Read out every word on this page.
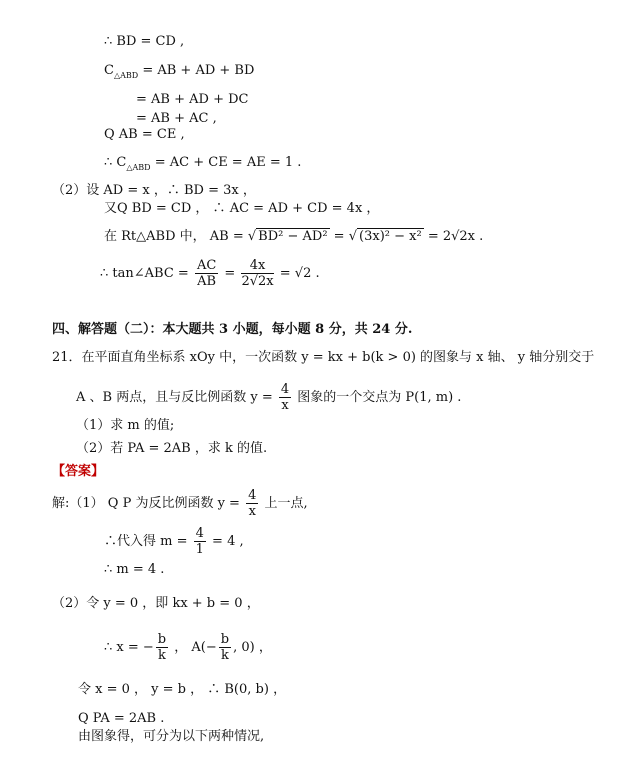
∴ BD = CD ,
$C_{\triangle ABD}$ = AB + AD + BD
= AB + AD + DC
= AB + AC ,
Q AB = CE ,
∴ $C_{\triangle ABD}$ = AC + CE = AE = 1 .
（2）设 AD = x ，∴ BD = 3x ，
又Q BD = CD ， ∴ AC = AD + CD = 4x ，
在 Rt△ABD 中， AB = √ BD² − AD² = √ (3x)² − x² = 2√2x .
∴ tan∠ABC = $\frac{AC}{AB} = \frac{4x}{2√2x} = √2$ .
四、解答题（二）：本大题共 3 小题，每小题 8 分，共 24 分.
21．在平面直角坐标系 xOy 中，一次函数 y = kx + b(k > 0) 的图象与 x 轴、 y 轴分别交于
A 、B 两点，且与反比例函数 $y = \frac{4}{x}$ 图象的一个交点为 P(1, m) .
（1）求 m 的值;
（2）若 PA = 2AB ，求 k 的值.
【答案】
解:（1） Q P 为反比例函数 $y = \frac{4}{x}$ 上一点,
∴代入得 $m = \frac{4}{1} = 4$ ,
∴ m = 4 .
（2）令 y = 0 ，即 kx + b = 0 ，
∴ x = − $\frac{b}{k}$ ， $A(- \frac{b}{k}$ , 0) ，
令 x = 0 ， y = b ， ∴ B(0, b) ，
Q PA = 2AB .
由图象得，可分为以下两种情况,
